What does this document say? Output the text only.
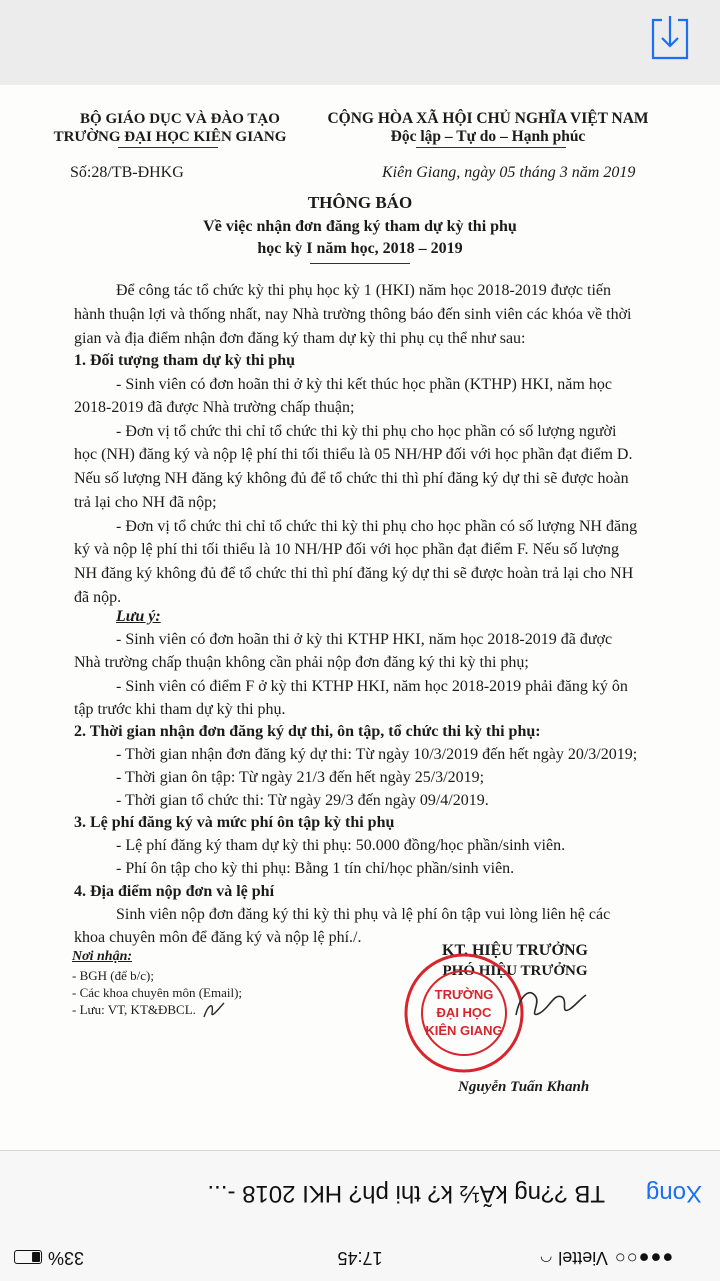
BỘ GIÁO DỤC VÀ ĐÀO TẠO
TRƯỜNG ĐẠI HỌC KIÊN GIANG
CỘNG HÒA XÃ HỘI CHỦ NGHĨA VIỆT NAM
Độc lập – Tự do – Hạnh phúc
Số:28/TB-ĐHKG	Kiên Giang, ngày 05 tháng 3 năm 2019
THÔNG BÁO
Về việc nhận đơn đăng ký tham dự kỳ thi phụ
học kỳ I năm học, 2018 – 2019
Để công tác tổ chức kỳ thi phụ học kỳ 1 (HKI) năm học 2018-2019 được tiến
hành thuận lợi và thống nhất, nay Nhà trường thông báo đến sinh viên các khóa về thời
gian và địa điểm nhận đơn đăng ký tham dự kỳ thi phụ cụ thể như sau:
1. Đối tượng tham dự kỳ thi phụ
- Sinh viên có đơn hoãn thi ở kỳ thi kết thúc học phần (KTHP) HKI, năm học
2018-2019 đã được Nhà trường chấp thuận;
- Đơn vị tổ chức thi chỉ tổ chức thi kỳ thi phụ cho học phần có số lượng người
học (NH) đăng ký và nộp lệ phí thi tối thiểu là 05 NH/HP đối với học phần đạt điểm D.
Nếu số lượng NH đăng ký không đủ để tổ chức thi thì phí đăng ký dự thi sẽ được hoàn
trả lại cho NH đã nộp;
- Đơn vị tổ chức thi chỉ tổ chức thi kỳ thi phụ cho học phần có số lượng NH đăng
ký và nộp lệ phí thi tối thiểu là 10 NH/HP đối với học phần đạt điểm F. Nếu số lượng
NH đăng ký không đủ để tổ chức thi thì phí đăng ký dự thi sẽ được hoàn trả lại cho NH
đã nộp.
Lưu ý:
- Sinh viên có đơn hoãn thi ở kỳ thi KTHP HKI, năm học 2018-2019 đã được
Nhà trường chấp thuận không cần phải nộp đơn đăng ký thi kỳ thi phụ;
- Sinh viên có điểm F ở kỳ thi KTHP HKI, năm học 2018-2019 phải đăng ký ôn
tập trước khi tham dự kỳ thi phụ.
2. Thời gian nhận đơn đăng ký dự thi, ôn tập, tổ chức thi kỳ thi phụ:
- Thời gian nhận đơn đăng ký dự thi: Từ ngày 10/3/2019 đến hết ngày 20/3/2019;
- Thời gian ôn tập: Từ ngày 21/3 đến hết ngày 25/3/2019;
- Thời gian tổ chức thi: Từ ngày 29/3 đến ngày 09/4/2019.
3. Lệ phí đăng ký và mức phí ôn tập kỳ thi phụ
- Lệ phí đăng ký tham dự kỳ thi phụ: 50.000 đồng/học phần/sinh viên.
- Phí ôn tập cho kỳ thi phụ: Bằng 1 tín chỉ/học phần/sinh viên.
4. Địa điểm nộp đơn và lệ phí
Sinh viên nộp đơn đăng ký thi kỳ thi phụ và lệ phí ôn tập vui lòng liên hệ các
khoa chuyên môn để đăng ký và nộp lệ phí./.
Nơi nhận:
- BGH (để b/c);
- Các khoa chuyên môn (Email);
- Lưu: VT, KT&ĐBCL.
KT. HIỆU TRƯỞNG
PHÓ HIỆU TRƯỞNG
TRƯỜNG
ĐẠI HỌC
KIÊN GIANG
Nguyễn Tuấn Khanh
Xong
TB ??ng kÃ½ k? thi ph? HKI 2018 -...
33%	17:45	●●●○○
Viettel
◠
